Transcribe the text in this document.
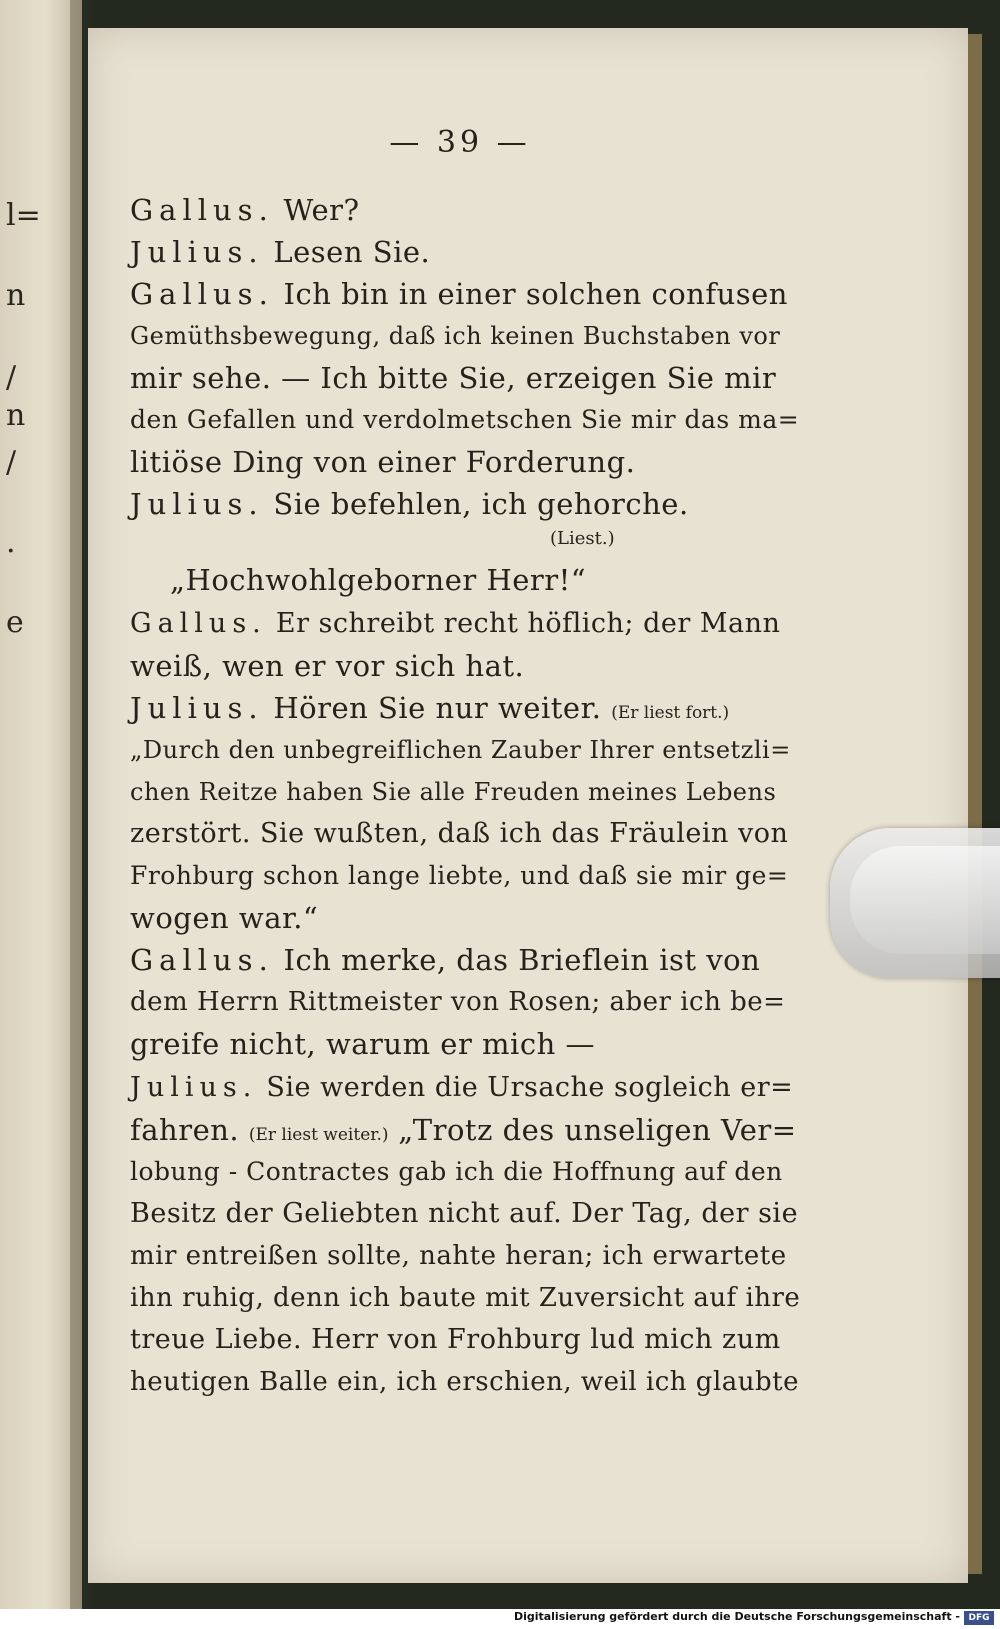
l=
n
/
n
/
.
e
— 39 —
Gallus. Wer?
Julius. Lesen Sie.
Gallus. Ich bin in einer solchen confusen
Gemüthsbewegung, daß ich keinen Buchstaben vor
mir sehe. — Ich bitte Sie, erzeigen Sie mir
den Gefallen und verdolmetschen Sie mir das ma=
litiöse Ding von einer Forderung.
Julius. Sie befehlen, ich gehorche.
(Liest.)
„Hochwohlgeborner Herr!“
Gallus. Er schreibt recht höflich; der Mann
weiß, wen er vor sich hat.
Julius. Hören Sie nur weiter. (Er liest fort.)
„Durch den unbegreiflichen Zauber Ihrer entsetzli=
chen Reitze haben Sie alle Freuden meines Lebens
zerstört. Sie wußten, daß ich das Fräulein von
Frohburg schon lange liebte, und daß sie mir ge=
wogen war.“
Gallus. Ich merke, das Brieflein ist von
dem Herrn Rittmeister von Rosen; aber ich be=
greife nicht, warum er mich —
Julius. Sie werden die Ursache sogleich er=
fahren. (Er liest weiter.) „Trotz des unseligen Ver=
lobung - Contractes gab ich die Hoffnung auf den
Besitz der Geliebten nicht auf. Der Tag, der sie
mir entreißen sollte, nahte heran; ich erwartete
ihn ruhig, denn ich baute mit Zuversicht auf ihre
treue Liebe. Herr von Frohburg lud mich zum
heutigen Balle ein, ich erschien, weil ich glaubte
Digitalisierung gefördert durch die Deutsche Forschungsgemeinschaft - DFG
